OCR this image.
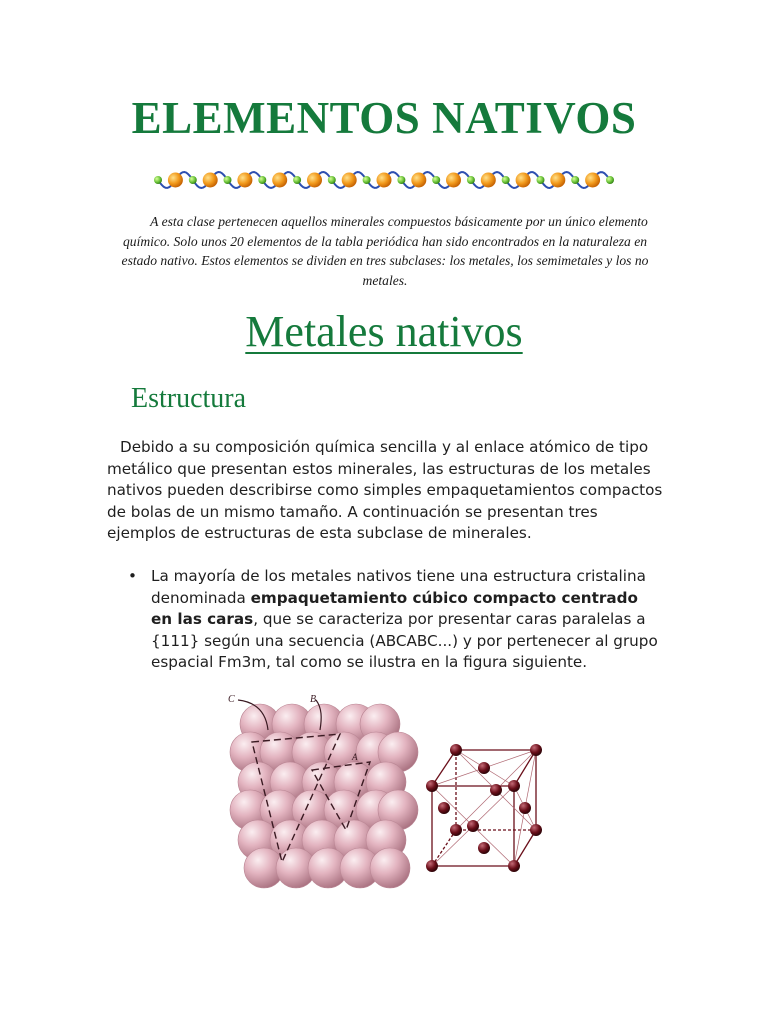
ELEMENTOS NATIVOS

A esta clase pertenecen aquellos minerales compuestos básicamente por un único elemento químico. Solo unos 20 elementos de la tabla periódica han sido encontrados en la naturaleza en estado nativo. Estos elementos se dividen en tres subclases: los metales, los semimetales y los no metales.

Metales nativos
Estructura

Debido a su composición química sencilla y al enlace atómico de tipo metálico que presentan estos minerales, las estructuras de los metales nativos pueden describirse como simples empaquetamientos compactos de bolas de un mismo tamaño. A continuación se presentan tres ejemplos de estructuras de esta subclase de minerales.

• La mayoría de los metales nativos tiene una estructura cristalina denominada empaquetamiento cúbico compacto centrado en las caras, que se caracteriza por presentar caras paralelas a {111} según una secuencia (ABCABC...) y por pertenecer al grupo espacial Fm3m, tal como se ilustra en la figura siguiente.
C	B
A
